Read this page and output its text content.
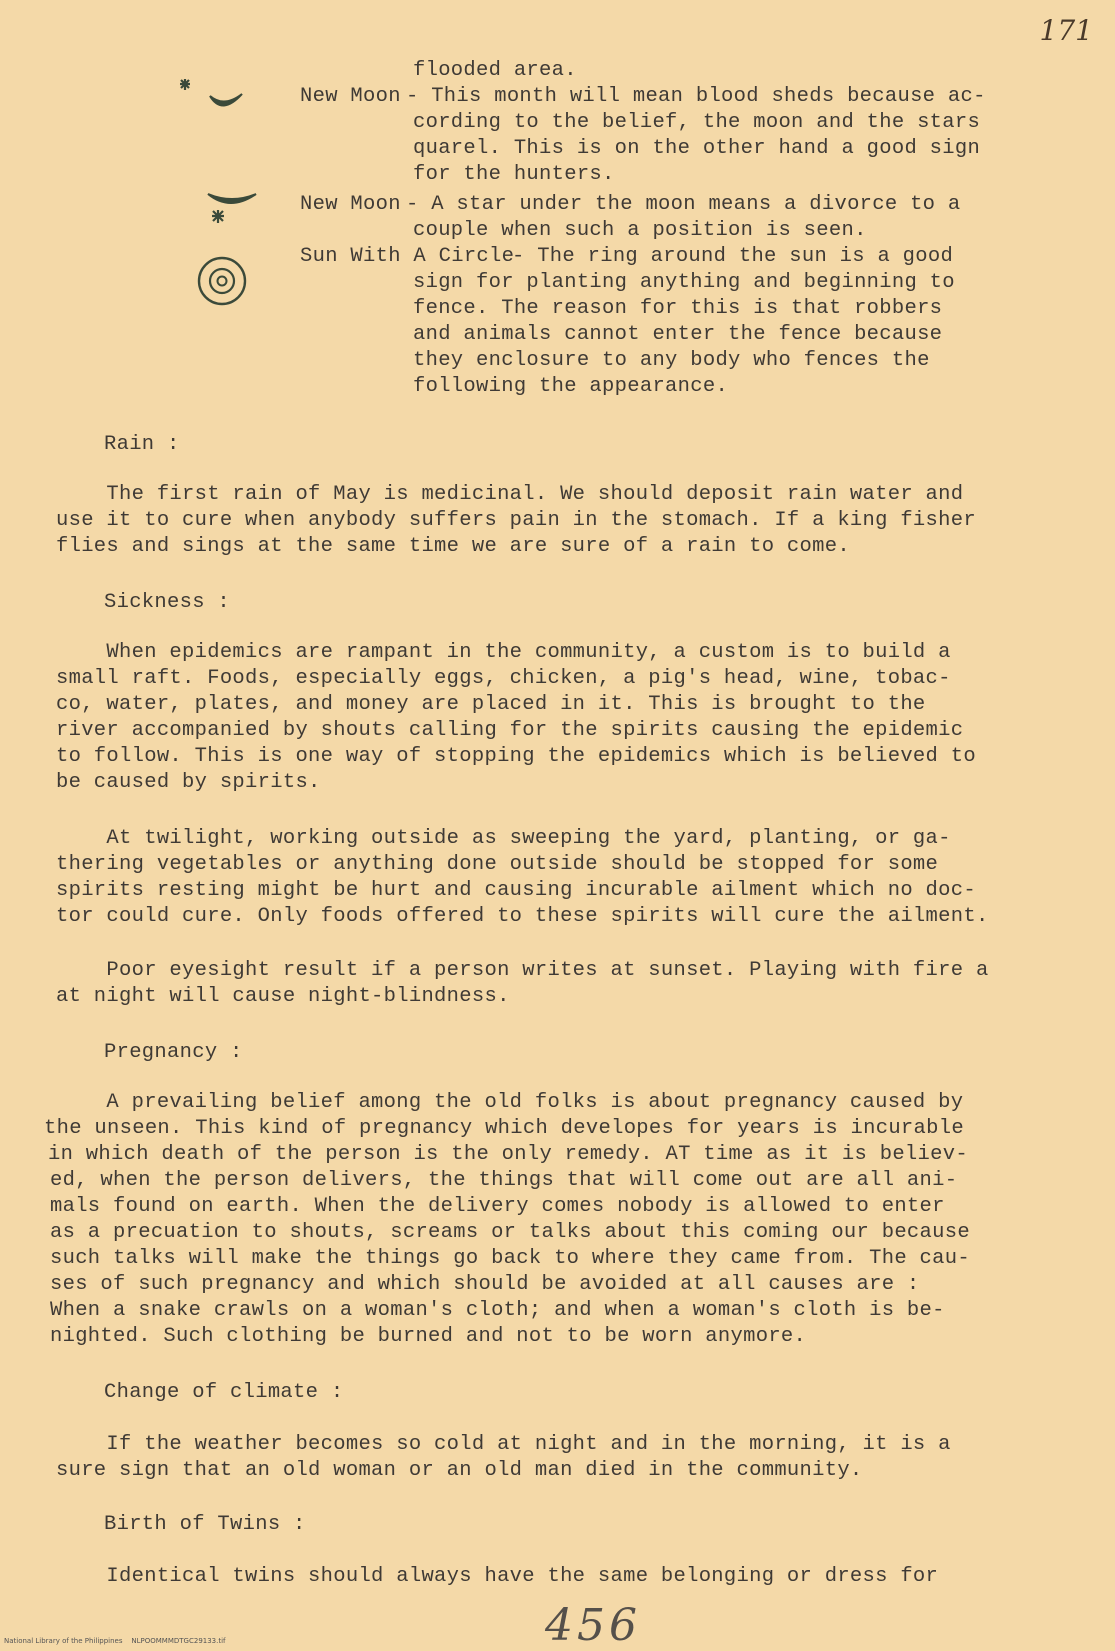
171
flooded area.
New Moon - This month will mean blood sheds because ac-
cording to the belief, the moon and the stars
quarel. This is on the other hand a good sign
for the hunters.
New Moon - A star under the moon means a divorce to a
couple when such a position is seen.
Sun With A Circle
- The ring around the sun is a good
sign for planting anything and beginning to
fence. The reason for this is that robbers
and animals cannot enter the fence because
they enclosure to any body who fences the
following the appearance.
Rain :
The first rain of May is medicinal. We should deposit rain water and
use it to cure when anybody suffers pain in the stomach. If a king fisher
flies and sings at the same time we are sure of a rain to come.
Sickness :
When epidemics are rampant in the community, a custom is to build a
small raft. Foods, especially eggs, chicken, a pig's head, wine, tobac-
co, water, plates, and money are placed in it. This is brought to the
river accompanied by shouts calling for the spirits causing the epidemic
to follow. This is one way of stopping the epidemics which is believed to
be caused by spirits.
At twilight, working outside as sweeping the yard, planting, or ga-
thering vegetables or anything done outside should be stopped for some
spirits resting might be hurt and causing incurable ailment which no doc-
tor could cure. Only foods offered to these spirits will cure the ailment.
Poor eyesight result if a person writes at sunset. Playing with fire a
at night will cause night-blindness.
Pregnancy :
A prevailing belief among the old folks is about pregnancy caused by
the unseen. This kind of pregnancy which developes for years is incurable
in which death of the person is the only remedy. AT time as it is believ-
ed, when the person delivers, the things that will come out are all ani-
mals found on earth. When the delivery comes nobody is allowed to enter
as a precuation to shouts, screams or talks about this coming our because
such talks will make the things go back to where they came from. The cau-
ses of such pregnancy and which should be avoided at all causes are :
When a snake crawls on a woman's cloth; and when a woman's cloth is be-
nighted. Such clothing be burned and not to be worn anymore.
Change of climate :
If the weather becomes so cold at night and in the morning, it is a
sure sign that an old woman or an old man died in the community.
Birth of Twins :
Identical twins should always have the same belonging or dress for
456
National Library of the Philippines    NLPOOMMMDTGC29133.tif
